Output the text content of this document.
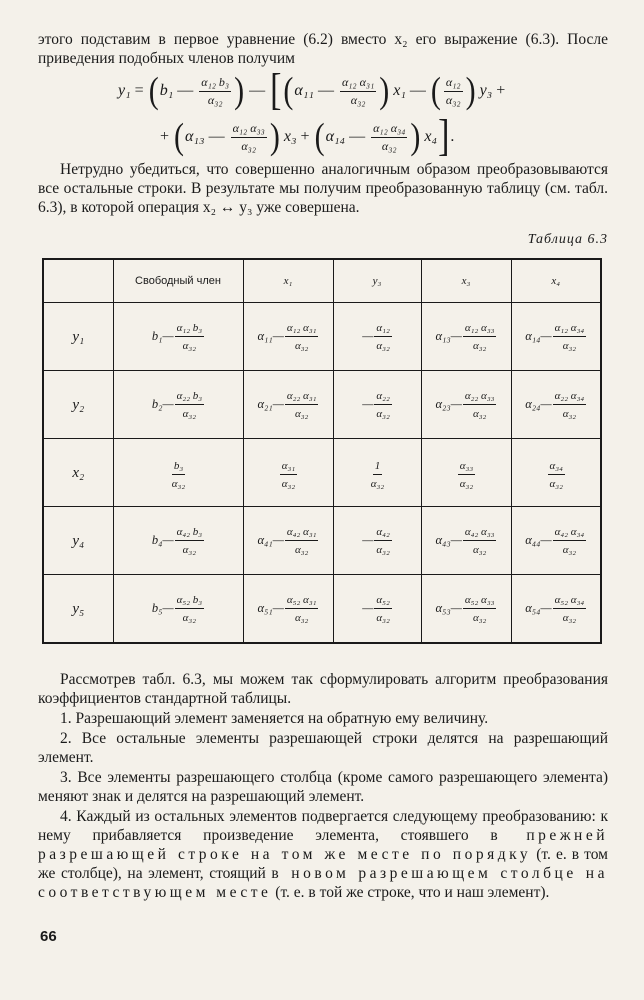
этого подставим в первое уравнение (6.2) вместо x₂ его выражение (6.3). После приведения подобных членов получим

y₁ = ( b₁ — $\frac{\text{α₁₂ b₃}}{\text{α₃₂}}$ ) — [ ( α₁₁ — $\frac{\text{α₁₂ α₃₁}}{\text{α₃₂}}$ ) x₁ — ( $\frac{\text{α₁₂}}{\text{α₃₂}}$ ) y₃ +
+ ( α₁₃ — $\frac{\text{α₁₂ α₃₃}}{\text{α₃₂}}$ ) x₃ + ( α₁₄ — $\frac{\text{α₁₂ α₃₄}}{\text{α₃₂}}$ ) x₄ ] .

Нетрудно убедиться, что совершенно аналогичным образом преобразовываются все остальные строки. В результате мы получим преобразованную таблицу (см. табл. 6.3), в которой операция x₂ ↔ y₃ уже совершена.

Таблица 6.3
	Свободный член	x₁	y₃	x₃	x₄
y₁	b₁— $\frac{\text{α₁₂ b₃}}{\text{α₃₂}}$	α₁₁— $\frac{\text{α₁₂ α₃₁}}{\text{α₃₂}}$	— $\frac{\text{α₁₂}}{\text{α₃₂}}$	α₁₃— $\frac{\text{α₁₂ α₃₃}}{\text{α₃₂}}$	α₁₄— $\frac{\text{α₁₂ α₃₄}}{\text{α₃₂}}$

y₂	b₂— $\frac{\text{α₂₂ b₃}}{\text{α₃₂}}$	α₂₁— $\frac{\text{α₂₂ α₃₁}}{\text{α₃₂}}$	— $\frac{\text{α₂₂}}{\text{α₃₂}}$	α₂₃— $\frac{\text{α₂₂ α₃₃}}{\text{α₃₂}}$	α₂₄— $\frac{\text{α₂₂ α₃₄}}{\text{α₃₂}}$

x₂	$\frac{\text{b₃}}{\text{α₃₂}}$	$\frac{\text{α₃₁}}{\text{α₃₂}}$	$\frac{1}{\text{α₃₂}}$	$\frac{\text{α₃₃}}{\text{α₃₂}}$	$\frac{\text{α₃₄}}{\text{α₃₂}}$

y₄	b₄— $\frac{\text{α₄₂ b₃}}{\text{α₃₂}}$	α₄₁— $\frac{\text{α₄₂ α₃₁}}{\text{α₃₂}}$	— $\frac{\text{α₄₂}}{\text{α₃₂}}$	α₄₃— $\frac{\text{α₄₂ α₃₃}}{\text{α₃₂}}$	α₄₄— $\frac{\text{α₄₂ α₃₄}}{\text{α₃₂}}$

y₅	b₅— $\frac{\text{α₅₂ b₃}}{\text{α₃₂}}$	α₅₁— $\frac{\text{α₅₂ α₃₁}}{\text{α₃₂}}$	— $\frac{\text{α₅₂}}{\text{α₃₂}}$	α₅₃— $\frac{\text{α₅₂ α₃₃}}{\text{α₃₂}}$	α₅₄— $\frac{\text{α₅₂ α₃₄}}{\text{α₃₂}}$

Рассмотрев табл. 6.3, мы можем так сформулировать алгоритм преобразования коэффициентов стандартной таблицы.

1. Разрешающий элемент заменяется на обратную ему величину.

2. Все остальные элементы разрешающей строки делятся на разрешающий элемент.

3. Все элементы разрешающего столбца (кроме самого разрешающего элемента) меняют знак и делятся на разрешающий элемент.

4. Каждый из остальных элементов подвергается следующему преобразованию: к нему прибавляется произведение элемента, стоявшего в прежней разрешающей строке на том же месте по порядку (т. е. в том же столбце), на элемент, стоящий в новом разрешающем столбце на соответствующем месте (т. е. в той же строке, что и наш элемент).

66
